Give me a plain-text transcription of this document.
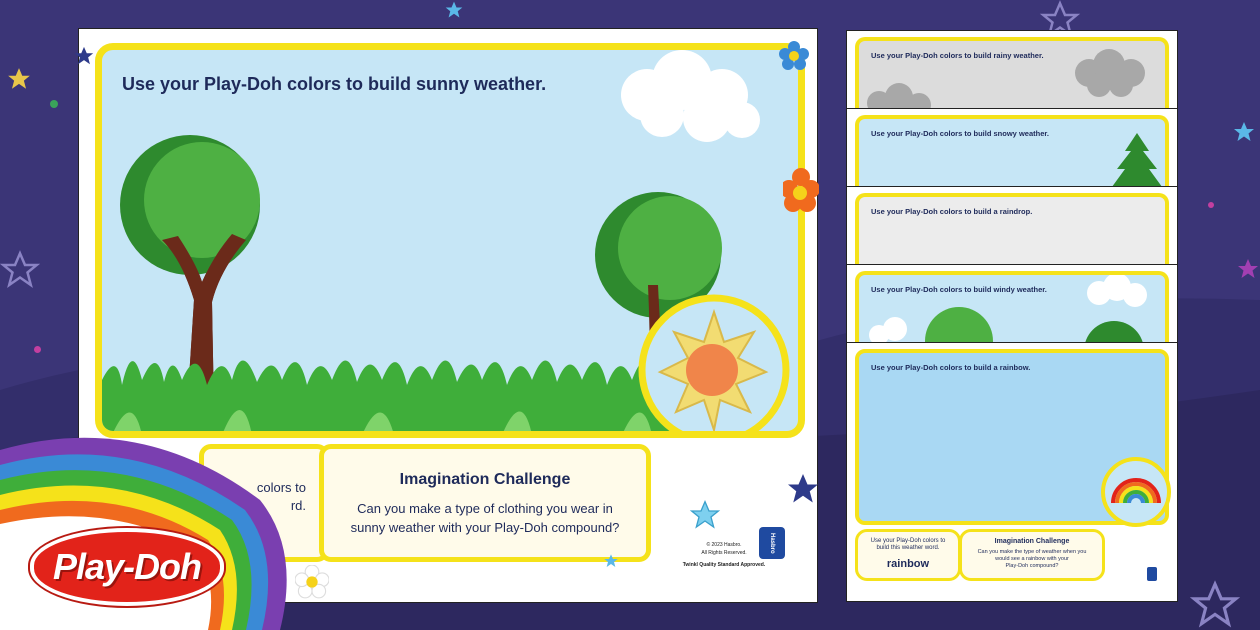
Use your Play-Doh colors to build sunny weather.
colors to
rd.
Imagination Challenge
Can you make a type of clothing you wear in
sunny weather with your Play-Doh compound?
Hasbro
© 2023 Hasbro.
All Rights Reserved.
Twinkl Quality Standard Approved.
Play-Doh
Use your Play-Doh colors to build rainy weather.
Use your Play-Doh colors to build snowy weather.
Use your Play-Doh colors to build a raindrop.
Use your Play-Doh colors to build windy weather.
Use your Play-Doh colors to build a rainbow.
Use your Play-Doh colors to
build this weather word.
rainbow
Imagination Challenge
Can you make the type of weather when you
would see a rainbow with your
Play-Doh compound?
